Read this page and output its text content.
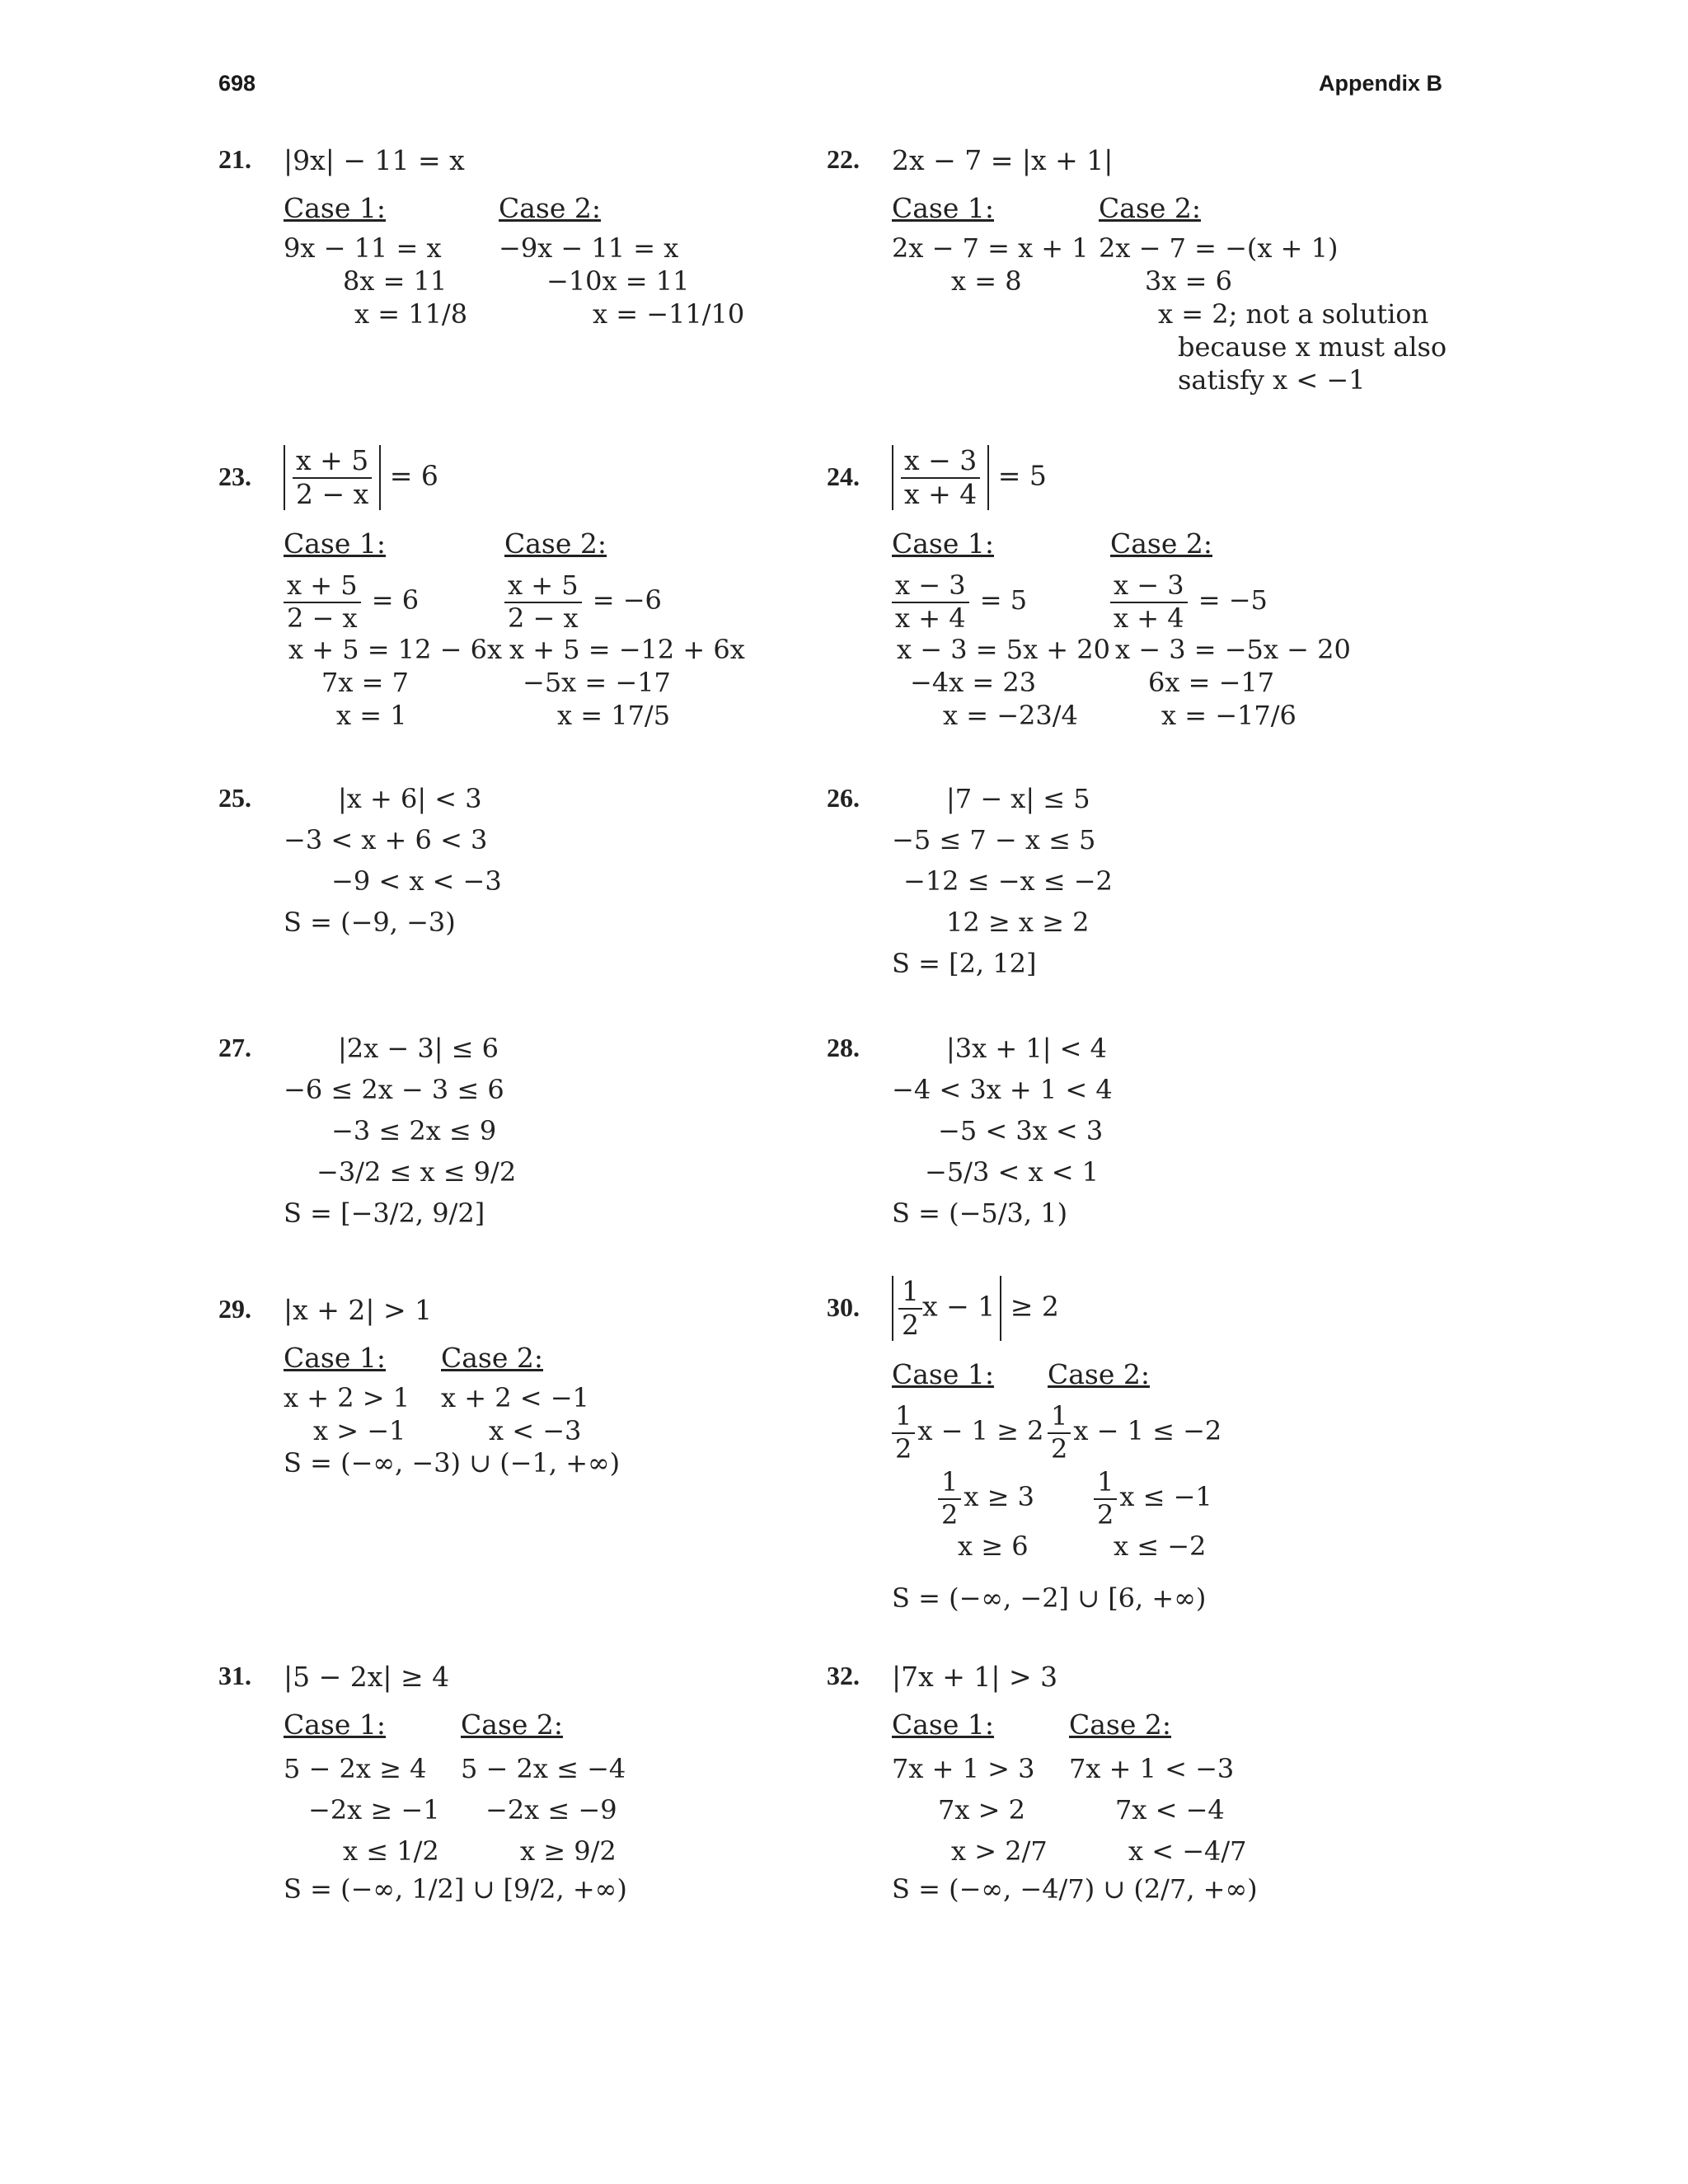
698	Appendix B
21. |9x| − 11 = x
Case 1:
9x − 11 = x
8x = 11
x = 11/8
Case 2:
−9x − 11 = x
−10x = 11
x = −11/10
22. 2x − 7 = |x + 1|
Case 1:
2x − 7 = x + 1
x = 8
Case 2:
2x − 7 = −(x + 1)
3x = 6
x = 2; not a solution
because x must also
satisfy x < −1
23. $\frac{x + 5}{2 - x} = 6$
Case 1:
$\frac{x + 5}{2 - x} = 6$
x + 5 = 12 − 6x
7x = 7
x = 1
Case 2:
$\frac{x + 5}{2 - x} = -6$
x + 5 = −12 + 6x
−5x = −17
x = 17/5
24. $\frac{x - 3}{x + 4} = 5$
Case 1:
$\frac{x - 3}{x + 4} = 5$
x − 3 = 5x + 20
−4x = 23
x = −23/4
Case 2:
$\frac{x - 3}{x + 4} = -5$
x − 3 = −5x − 20
6x = −17
x = −17/6
25.	|x + 6| < 3
−3 < x + 6 < 3
−9 < x < −3
S = (−9, −3)
26.	|7 − x| ≤ 5
−5 ≤ 7 − x ≤ 5
−12 ≤ −x ≤ −2
12 ≥ x ≥ 2
S = [2, 12]
27.	|2x − 3| ≤ 6
−6 ≤ 2x − 3 ≤ 6
−3 ≤ 2x ≤ 9
−3/2 ≤ x ≤ 9/2
S = [−3/2, 9/2]
28.	|3x + 1| < 4
−4 < 3x + 1 < 4
−5 < 3x < 3
−5/3 < x < 1
S = (−5/3, 1)
29. |x + 2| > 1
Case 1:
x + 2 > 1
x > −1
Case 2:
x + 2 < −1
x < −3
S = (−∞, −3) ∪ (−1, +∞)
30. $\frac{1}{2}$ x − 1 ≥ 2
Case 1:
$\frac{1}{2}$ x − 1 ≥ 2
$\frac{1}{2}$ x ≥ 3
x ≥ 6
Case 2:
$\frac{1}{2}$ x − 1 ≤ −2
$\frac{1}{2}$ x ≤ −1
x ≤ −2
S = (−∞, −2] ∪ [6, +∞)
31. |5 − 2x| ≥ 4
Case 1:
5 − 2x ≥ 4
−2x ≥ −1
x ≤ 1/2
Case 2:
5 − 2x ≤ −4
−2x ≤ −9
x ≥ 9/2
S = (−∞, 1/2] ∪ [9/2, +∞)
32. |7x + 1| > 3
Case 1:
7x + 1 > 3
7x > 2
x > 2/7
Case 2:
7x + 1 < −3
7x < −4
x < −4/7
S = (−∞, −4/7) ∪ (2/7, +∞)
